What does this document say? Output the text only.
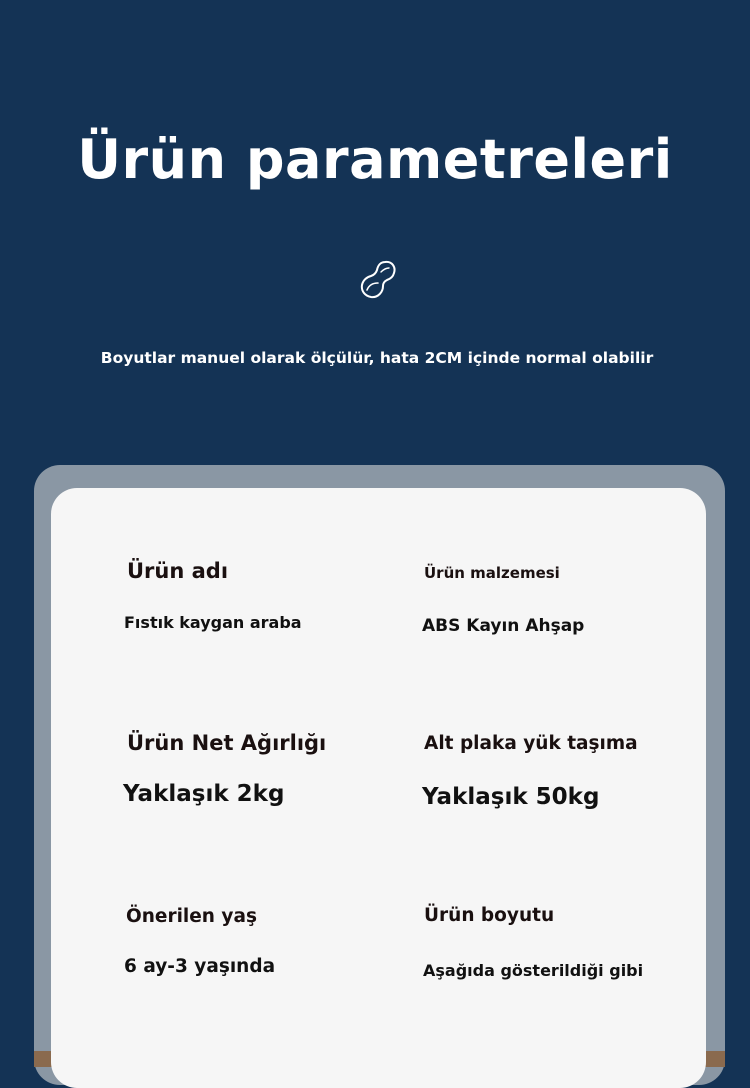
Ürün parametreleri
Boyutlar manuel olarak ölçülür, hata 2CM içinde normal olabilir
Ürün adı
Fıstık kaygan araba
Ürün malzemesi
ABS Kayın Ahşap
Ürün Net Ağırlığı
Yaklaşık 2kg
Alt plaka yük taşıma
Yaklaşık 50kg
Önerilen yaş
6 ay-3 yaşında
Ürün boyutu
Aşağıda gösterildiği gibi
